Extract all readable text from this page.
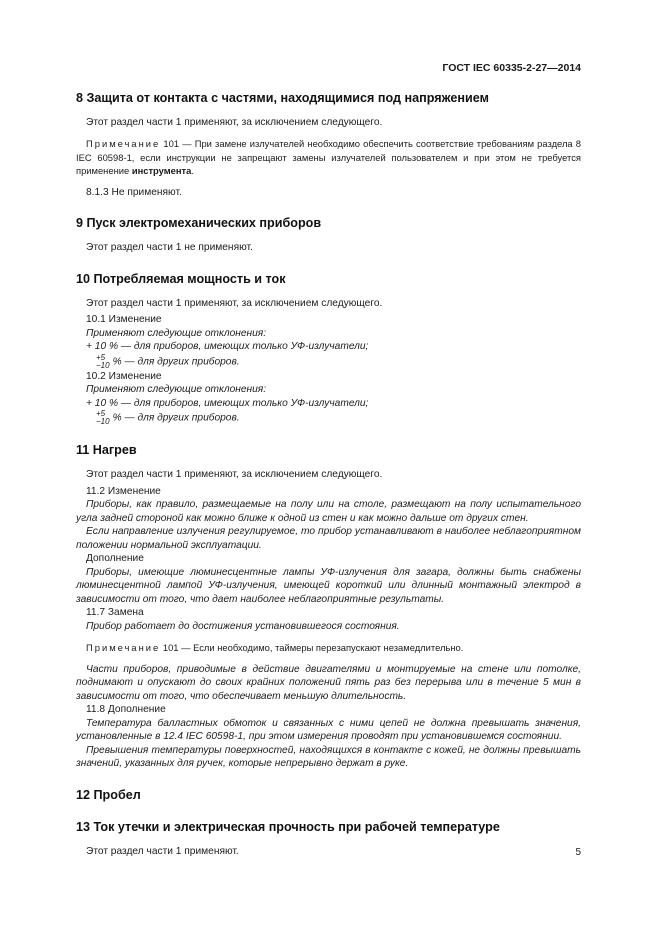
ГОСТ IEC 60335-2-27—2014
8 Защита от контакта с частями, находящимися под напряжением

Этот раздел части 1 применяют, за исключением следующего.

Примечание 101 — При замене излучателей необходимо обеспечить соответствие требованиям раздела 8 IEC 60598-1, если инструкции не запрещают замены излучателей пользователем и при этом не требуется применение инструмента.

8.1.3 Не применяют.

9 Пуск электромеханических приборов

Этот раздел части 1 не применяют.

10 Потребляемая мощность и ток

Этот раздел части 1 применяют, за исключением следующего.

10.1 Изменение

Применяют следующие отклонения:

+ 10 % — для приборов, имеющих только УФ-излучатели;

+5
−10 % — для других приборов.

10.2 Изменение

Применяют следующие отклонения:

+ 10 % — для приборов, имеющих только УФ-излучатели;

+5
−10 % — для других приборов.

11 Нагрев

Этот раздел части 1 применяют, за исключением следующего.

11.2 Изменение

Приборы, как правило, размещаемые на полу или на столе, размещают на полу испытательного угла задней стороной как можно ближе к одной из стен и как можно дальше от других стен.

Если направление излучения регулируемое, то прибор устанавливают в наиболее неблагоприятном положении нормальной эксплуатации.

Дополнение

Приборы, имеющие люминесцентные лампы УФ-излучения для загара, должны быть снабжены люминесцентной лампой УФ-излучения, имеющей короткий или длинный монтажный электрод в зависимости от того, что дает наиболее неблагоприятные результаты.

11.7 Замена

Прибор работает до достижения установившегося состояния.

Примечание 101 — Если необходимо, таймеры перезапускают незамедлительно.

Части приборов, приводимые в действие двигателями и монтируемые на стене или потолке, поднимают и опускают до своих крайних положений пять раз без перерыва или в течение 5 мин в зависимости от того, что обеспечивает меньшую длительность.

11.8 Дополнение

Температура балластных обмоток и связанных с ними цепей не должна превышать значения, установленные в 12.4 IEC 60598-1, при этом измерения проводят при установившемся состоянии.

Превышения температуры поверхностей, находящихся в контакте с кожей, не должны превышать значений, указанных для ручек, которые непрерывно держат в руке.

12 Пробел
13 Ток утечки и электрическая прочность при рабочей температуре

Этот раздел части 1 применяют.	5
